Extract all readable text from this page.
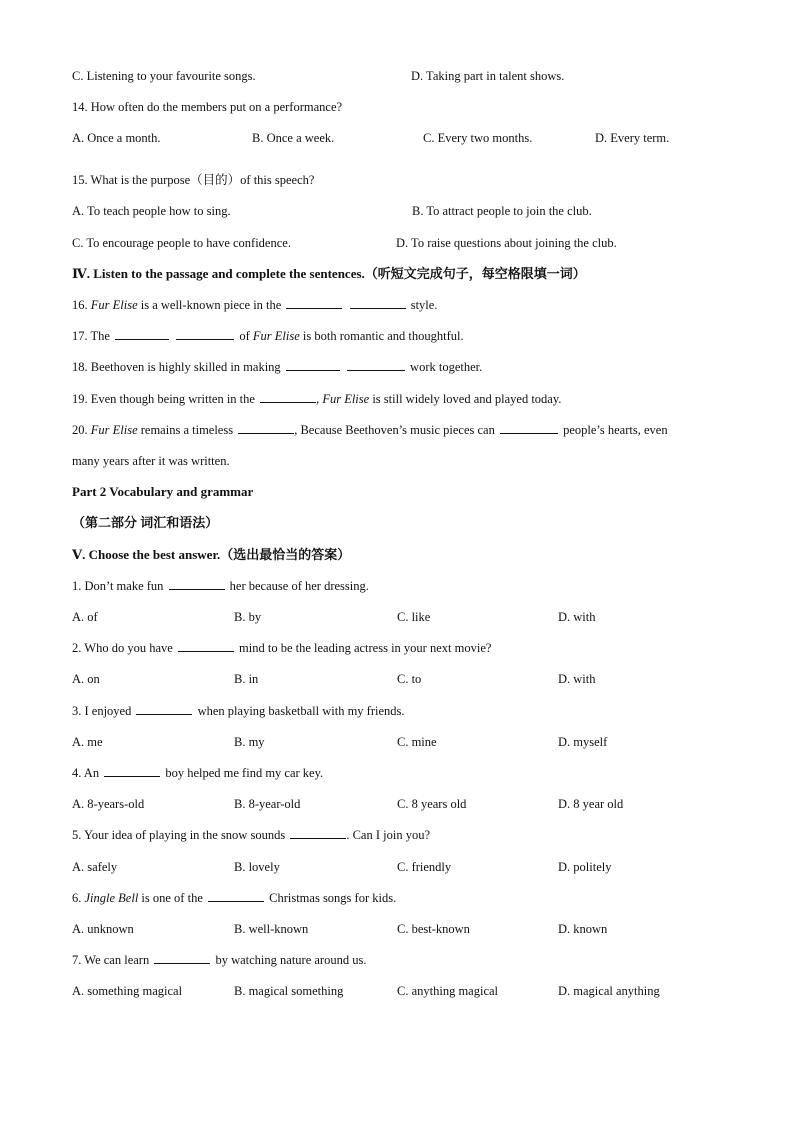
C. Listening to your favourite songs.	D. Taking part in talent shows.
14. How often do the members put on a performance?
A. Once a month.	B. Once a week.	C. Every two months.	D. Every term.
15. What is the purpose（目的）of this speech?
A. To teach people how to sing.	B. To attract people to join the club.
C. To encourage people to have confidence.	D. To raise questions about joining the club.
Ⅳ. Listen to the passage and complete the sentences.（听短文完成句子，每空格限填一词）
16. Fur Elise is a well-known piece in the	style.
17. The	of Fur Elise is both romantic and thoughtful.
18. Beethoven is highly skilled in making	work together.
19. Even though being written in the	, Fur Elise is still widely loved and played today.
20. Fur Elise remains a timeless	, Because Beethoven’s music pieces can	people’s hearts, even
many years after it was written.
Part 2 Vocabulary and grammar
（第二部分 词汇和语法）
Ⅴ. Choose the best answer.（选出最恰当的答案）
1. Don’t make fun	her because of her dressing.
A. of	B. by	C. like	D. with
2. Who do you have	mind to be the leading actress in your next movie?
A. on	B. in	C. to	D. with
3. I enjoyed	when playing basketball with my friends.
A. me	B. my	C. mine	D. myself
4. An	boy helped me find my car key.
A. 8-years-old	B. 8-year-old	C. 8 years old	D. 8 year old
5. Your idea of playing in the snow sounds	. Can I join you?
A. safely	B. lovely	C. friendly	D. politely
6. Jingle Bell is one of the	Christmas songs for kids.
A. unknown	B. well-known	C. best-known	D. known
7. We can learn	by watching nature around us.
A. something magical	B. magical something	C. anything magical	D. magical anything
